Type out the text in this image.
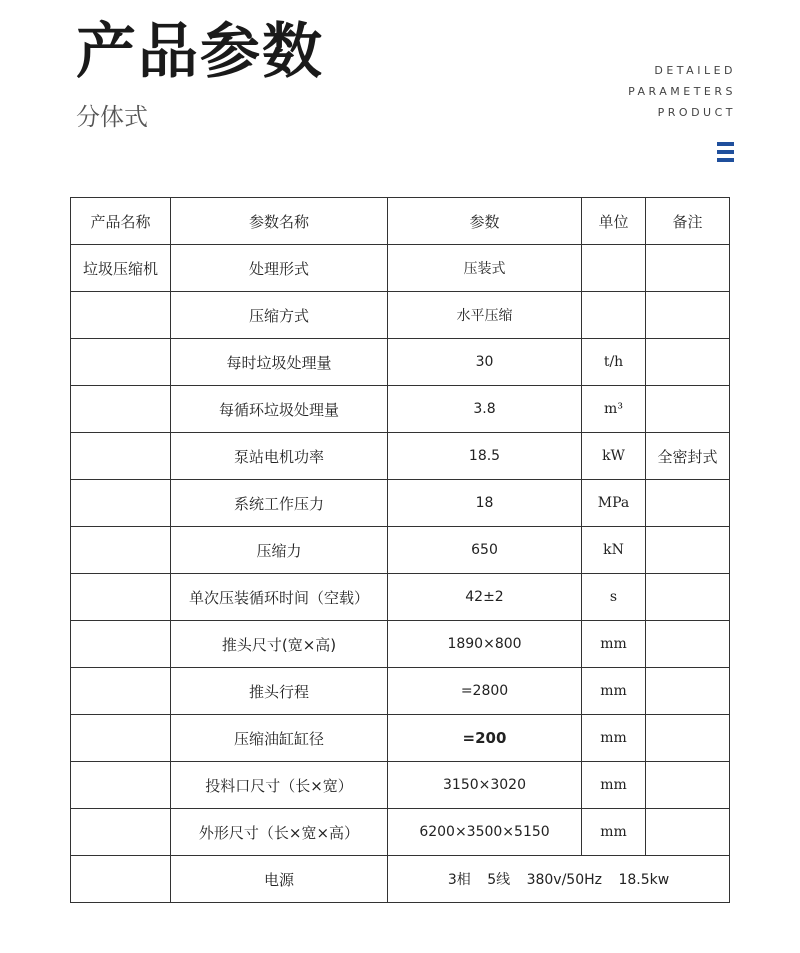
产品参数
分体式
DETAILED
PARAMETERS
PRODUCT
产品名称	参数名称	参数	单位	备注
垃圾压缩机	处理形式	压装式		
	压缩方式	水平压缩		
	每时垃圾处理量	30	t/h	
	每循环垃圾处理量	3.8	m³	
	泵站电机功率	18.5	kW	全密封式
	系统工作压力	18	MPa	
	压缩力	650	kN	
	单次压装循环时间（空载）	42±2	s	
	推头尺寸(宽×高)	1890×800	mm	
	推头行程	=2800	mm	
	压缩油缸缸径	=200	mm	
	投料口尺寸（长×宽）	3150×3020	mm	
	外形尺寸（长×宽×高）	6200×3500×5150	mm	
	电源	3相 5线 380v/50Hz 18.5kw		
